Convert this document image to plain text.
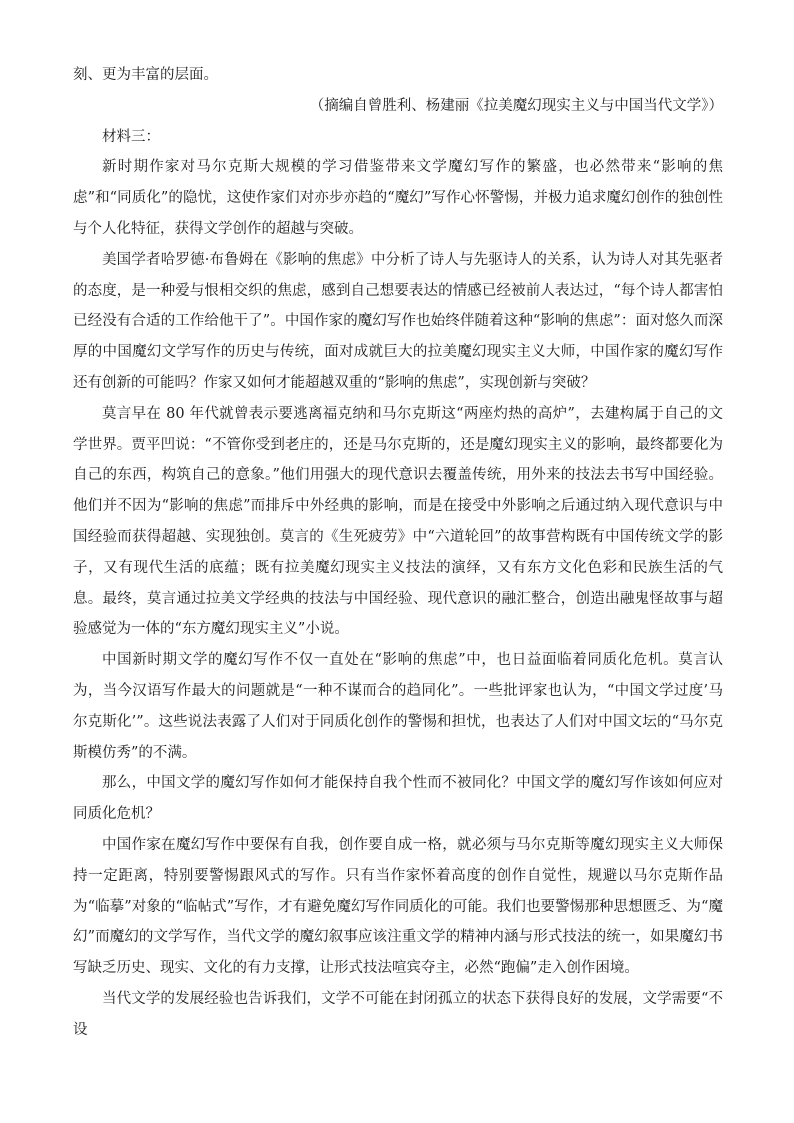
刻、更为丰富的层面。

（摘编自曾胜利、杨建丽《拉美魔幻现实主义与中国当代文学》）

材料三：

新时期作家对马尔克斯大规模的学习借鉴带来文学魔幻写作的繁盛，也必然带来“影响的焦虑”和“同质化”的隐忧，这使作家们对亦步亦趋的“魔幻”写作心怀警惕，并极力追求魔幻创作的独创性与个人化特征，获得文学创作的超越与突破。

美国学者哈罗德·布鲁姆在《影响的焦虑》中分析了诗人与先驱诗人的关系，认为诗人对其先驱者的态度，是一种爱与恨相交织的焦虑，感到自己想要表达的情感已经被前人表达过，“每个诗人都害怕已经没有合适的工作给他干了”。中国作家的魔幻写作也始终伴随着这种“影响的焦虑”：面对悠久而深厚的中国魔幻文学写作的历史与传统，面对成就巨大的拉美魔幻现实主义大师，中国作家的魔幻写作还有创新的可能吗？作家又如何才能超越双重的“影响的焦虑”，实现创新与突破？

莫言早在 80 年代就曾表示要逃离福克纳和马尔克斯这“两座灼热的高炉”，去建构属于自己的文学世界。贾平凹说：“不管你受到老庄的，还是马尔克斯的，还是魔幻现实主义的影响，最终都要化为自己的东西，构筑自己的意象。”他们用强大的现代意识去覆盖传统，用外来的技法去书写中国经验。他们并不因为“影响的焦虑”而排斥中外经典的影响，而是在接受中外影响之后通过纳入现代意识与中国经验而获得超越、实现独创。莫言的《生死疲劳》中“六道轮回”的故事营构既有中国传统文学的影子，又有现代生活的底蕴；既有拉美魔幻现实主义技法的演绎，又有东方文化色彩和民族生活的气息。最终，莫言通过拉美文学经典的技法与中国经验、现代意识的融汇整合，创造出融鬼怪故事与超验感觉为一体的“东方魔幻现实主义”小说。

中国新时期文学的魔幻写作不仅一直处在“影响的焦虑”中，也日益面临着同质化危机。莫言认为，当今汉语写作最大的问题就是“一种不谋而合的趋同化”。一些批评家也认为，“中国文学过度’马尔克斯化’”。这些说法表露了人们对于同质化创作的警惕和担忧，也表达了人们对中国文坛的“马尔克斯模仿秀”的不满。

那么，中国文学的魔幻写作如何才能保持自我个性而不被同化？中国文学的魔幻写作该如何应对同质化危机？

中国作家在魔幻写作中要保有自我，创作要自成一格，就必须与马尔克斯等魔幻现实主义大师保持一定距离，特别要警惕跟风式的写作。只有当作家怀着高度的创作自觉性，规避以马尔克斯作品为“临摹”对象的“临帖式”写作，才有避免魔幻写作同质化的可能。我们也要警惕那种思想匮乏、为“魔幻”而魔幻的文学写作，当代文学的魔幻叙事应该注重文学的精神内涵与形式技法的统一，如果魔幻书写缺乏历史、现实、文化的有力支撑，让形式技法喧宾夺主，必然“跑偏”走入创作困境。

当代文学的发展经验也告诉我们，文学不可能在封闭孤立的状态下获得良好的发展，文学需要“不设
